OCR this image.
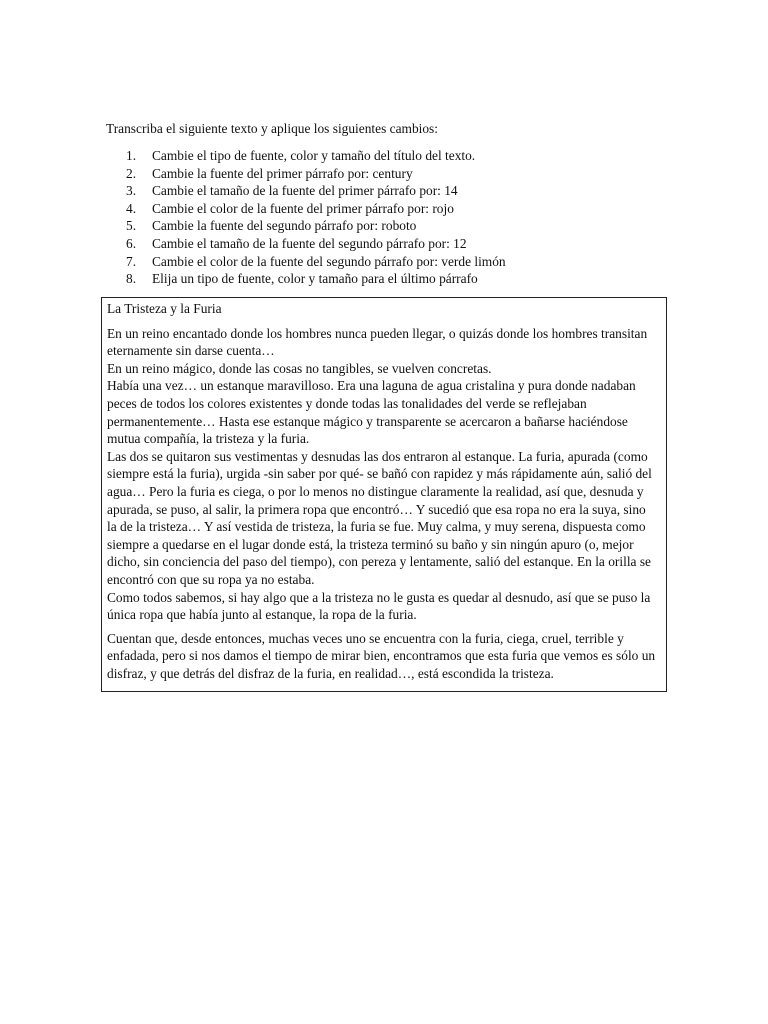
Transcriba el siguiente texto y aplique los siguientes cambios:

1. Cambie el tipo de fuente, color y tamaño del título del texto.
2. Cambie la fuente del primer párrafo por: century
3. Cambie el tamaño de la fuente del primer párrafo por: 14
4. Cambie el color de la fuente del primer párrafo por: rojo
5. Cambie la fuente del segundo párrafo por: roboto
6. Cambie el tamaño de la fuente del segundo párrafo por: 12
7. Cambie el color de la fuente del segundo párrafo por: verde limón
8. Elija un tipo de fuente, color y tamaño para el último párrafo

La Tristeza y la Furia

En un reino encantado donde los hombres nunca pueden llegar, o quizás donde los hombres transitan eternamente sin darse cuenta…

En un reino mágico, donde las cosas no tangibles, se vuelven concretas.

Había una vez… un estanque maravilloso. Era una laguna de agua cristalina y pura donde nadaban peces de todos los colores existentes y donde todas las tonalidades del verde se reflejaban permanentemente… Hasta ese estanque mágico y transparente se acercaron a bañarse haciéndose mutua compañía, la tristeza y la furia.

Las dos se quitaron sus vestimentas y desnudas las dos entraron al estanque. La furia, apurada (como siempre está la furia), urgida -sin saber por qué- se bañó con rapidez y más rápidamente aún, salió del agua… Pero la furia es ciega, o por lo menos no distingue claramente la realidad, así que, desnuda y apurada, se puso, al salir, la primera ropa que encontró… Y sucedió que esa ropa no era la suya, sino la de la tristeza… Y así vestida de tristeza, la furia se fue. Muy calma, y muy serena, dispuesta como siempre a quedarse en el lugar donde está, la tristeza terminó su baño y sin ningún apuro (o, mejor dicho, sin conciencia del paso del tiempo), con pereza y lentamente, salió del estanque. En la orilla se encontró con que su ropa ya no estaba.

Como todos sabemos, si hay algo que a la tristeza no le gusta es quedar al desnudo, así que se puso la única ropa que había junto al estanque, la ropa de la furia.

Cuentan que, desde entonces, muchas veces uno se encuentra con la furia, ciega, cruel, terrible y enfadada, pero si nos damos el tiempo de mirar bien, encontramos que esta furia que vemos es sólo un disfraz, y que detrás del disfraz de la furia, en realidad…, está escondida la tristeza.
